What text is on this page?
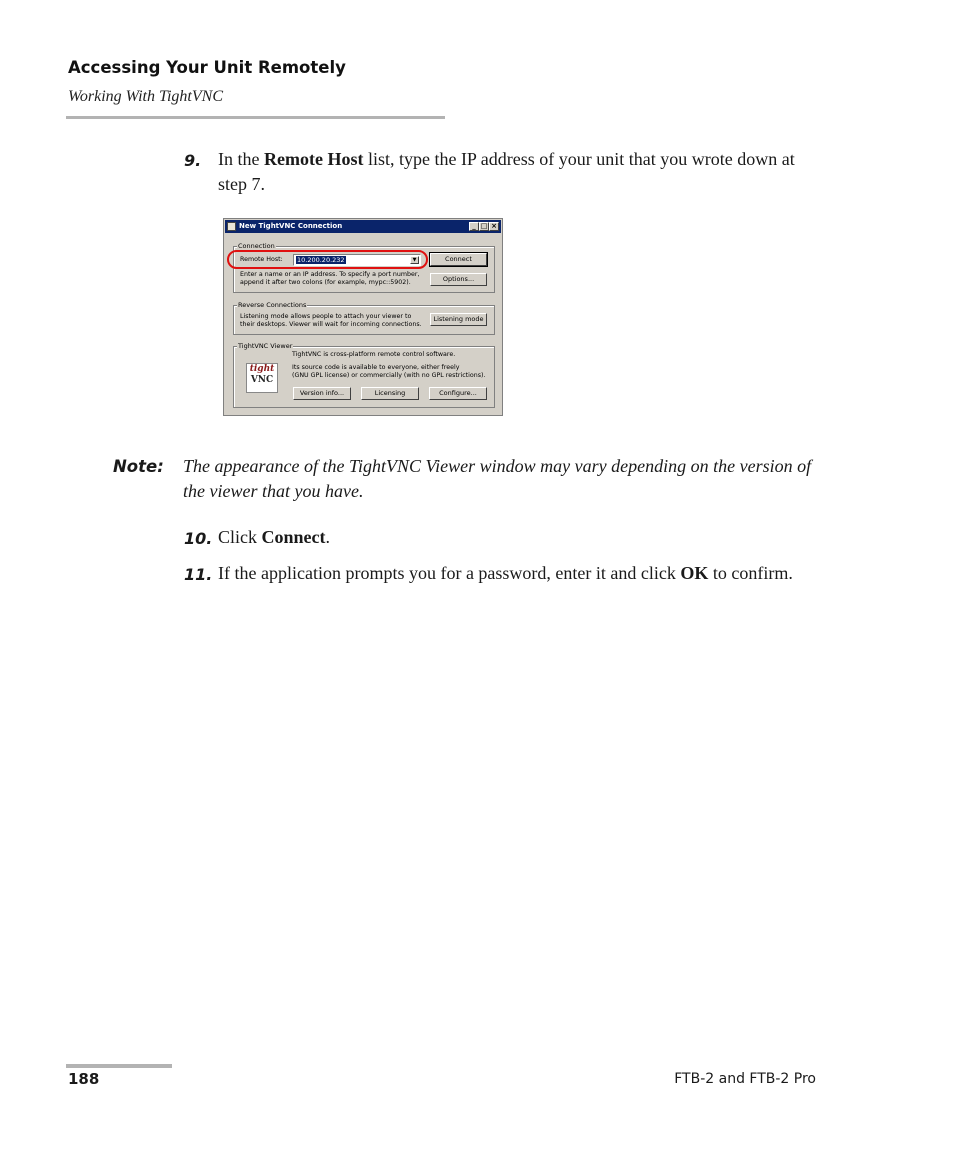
Accessing Your Unit Remotely
Working With TightVNC
9. In the Remote Host list, type the IP address of your unit that you wrote down at step 7.
New TightVNC Connection	_ □ ×
Connection
Remote Host: 10.200.20.232	▼	Connect
Options...
Enter a name or an IP address. To specify a port number,
append it after two colons (for example, mypc::5902).
Reverse Connections
Listening mode allows people to attach your viewer to
their desktops. Viewer will wait for incoming connections.
Listening mode
TightVNC Viewer
tight
VNC
TightVNC is cross-platform remote control software.
Its source code is available to everyone, either freely
(GNU GPL license) or commercially (with no GPL restrictions).
Version info...	Licensing	Configure...
Note: The appearance of the TightVNC Viewer window may vary depending on the version of the viewer that you have.
10. Click Connect.
11. If the application prompts you for a password, enter it and click OK to confirm.
188	FTB-2 and FTB-2 Pro
